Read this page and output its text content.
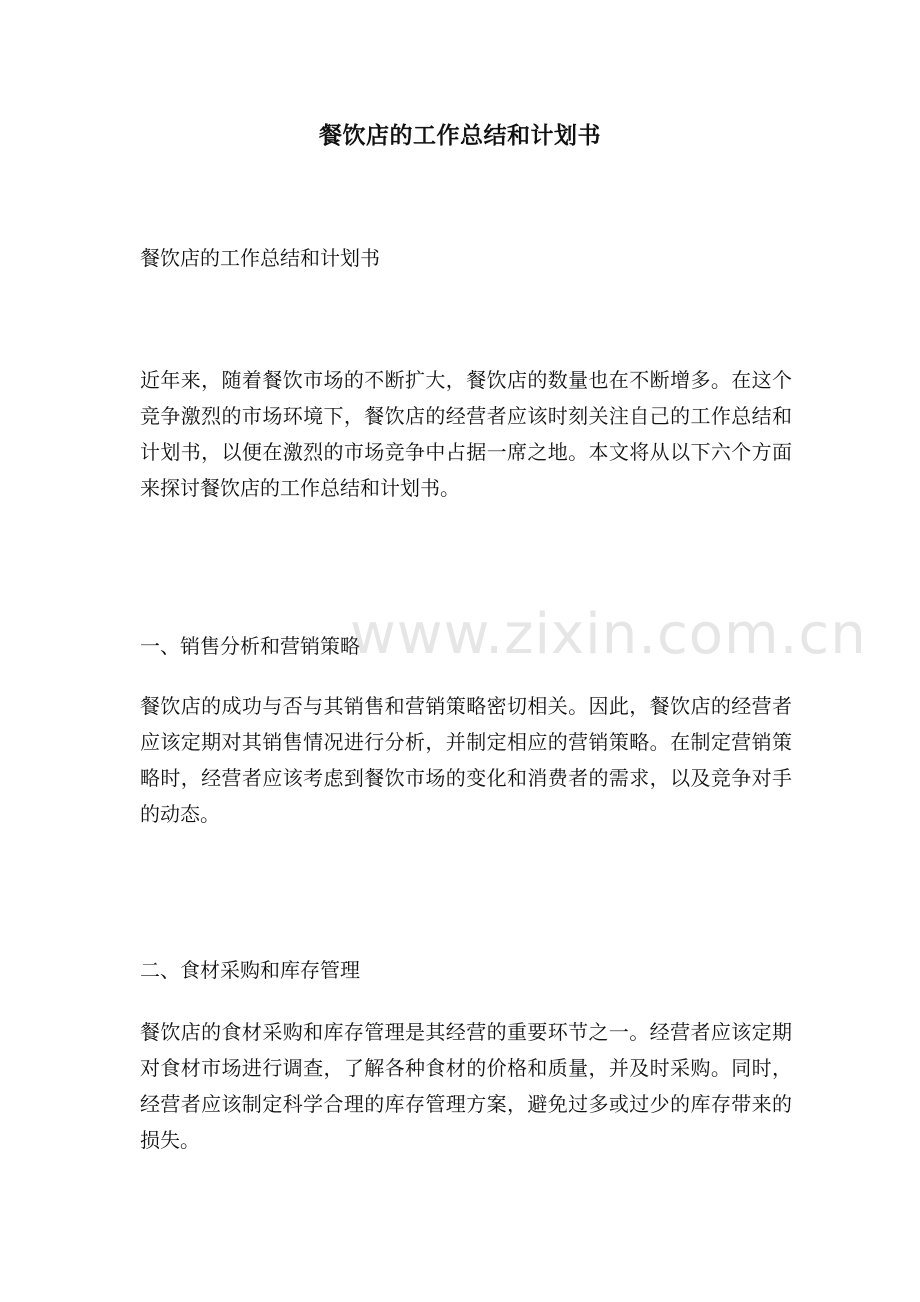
餐饮店的工作总结和计划书
餐饮店的工作总结和计划书
近年来，随着餐饮市场的不断扩大，餐饮店的数量也在不断增多。在这个竞争激烈的市场环境下，餐饮店的经营者应该时刻关注自己的工作总结和计划书，以便在激烈的市场竞争中占据一席之地。本文将从以下六个方面来探讨餐饮店的工作总结和计划书。
一、销售分析和营销策略
餐饮店的成功与否与其销售和营销策略密切相关。因此，餐饮店的经营者应该定期对其销售情况进行分析，并制定相应的营销策略。在制定营销策略时，经营者应该考虑到餐饮市场的变化和消费者的需求，以及竞争对手的动态。
二、食材采购和库存管理
餐饮店的食材采购和库存管理是其经营的重要环节之一。经营者应该定期对食材市场进行调查，了解各种食材的价格和质量，并及时采购。同时，经营者应该制定科学合理的库存管理方案，避免过多或过少的库存带来的损失。
www.zixin.com.cn
